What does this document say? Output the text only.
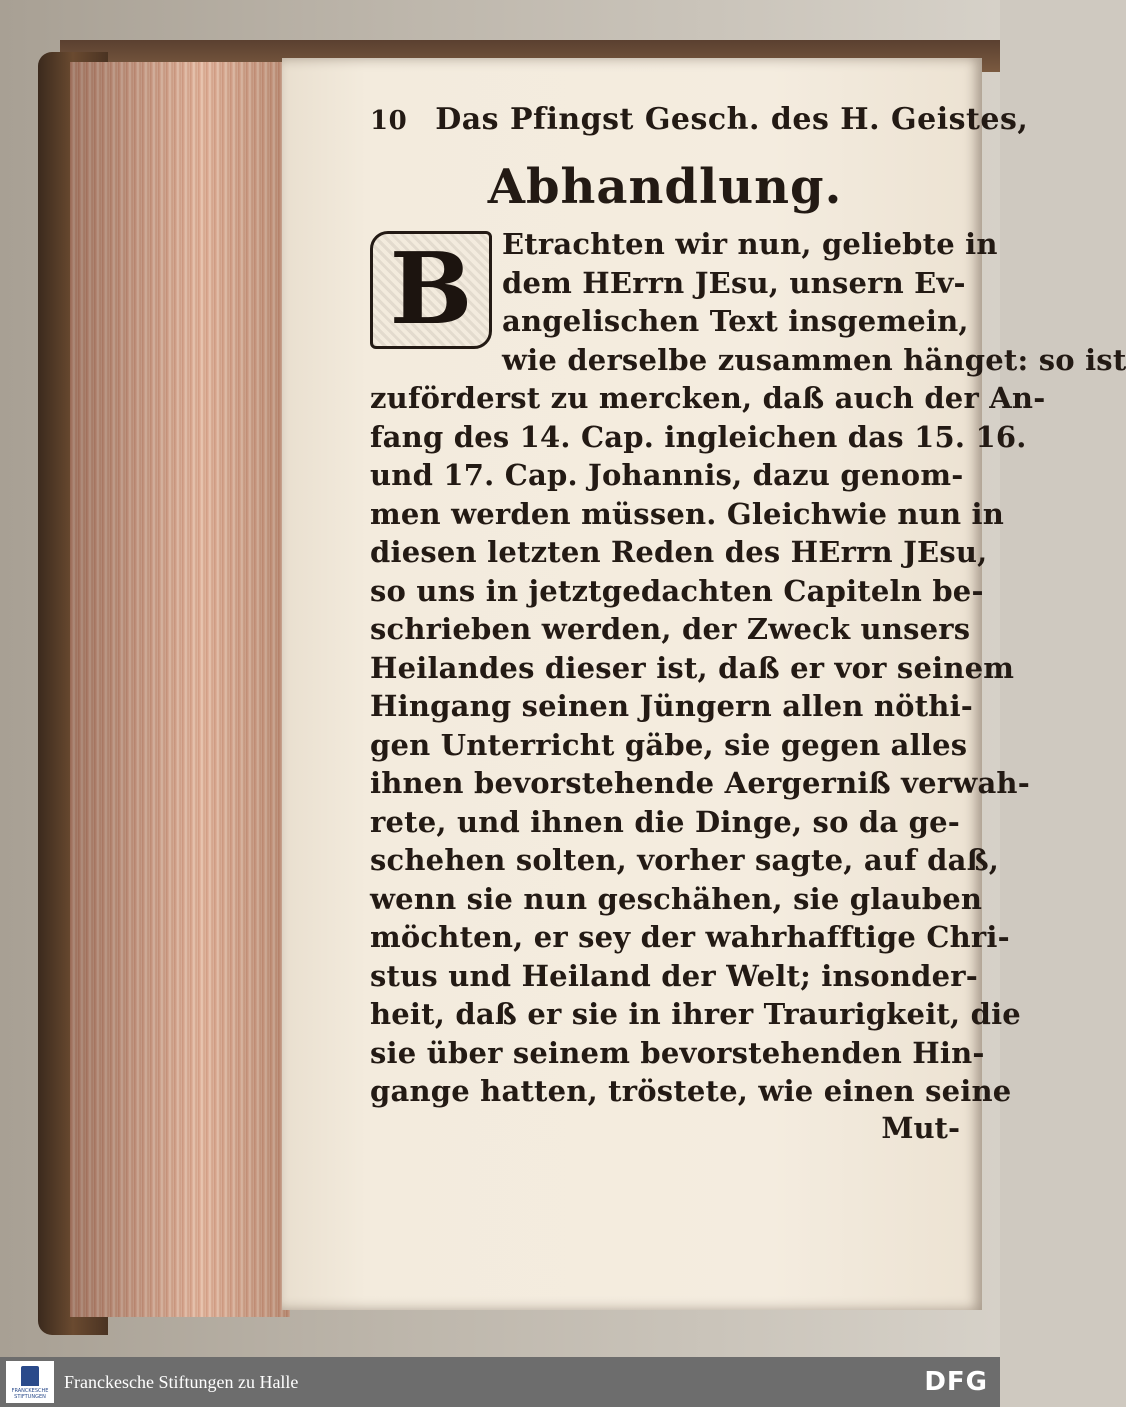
10 Das Pfingst Gesch. des H. Geistes,
Abhandlung.
B	Etrachten wir nun, geliebte in
dem HErrn JEsu, unsern Ev-
angelischen Text insgemein,
wie derselbe zusammen hänget: so ist
zuförderst zu mercken, daß auch der An-
fang des 14. Cap. ingleichen das 15. 16.
und 17. Cap. Johannis, dazu genom-
men werden müssen. Gleichwie nun in
diesen letzten Reden des HErrn JEsu,
so uns in jetztgedachten Capiteln be-
schrieben werden, der Zweck unsers
Heilandes dieser ist, daß er vor seinem
Hingang seinen Jüngern allen nöthi-
gen Unterricht gäbe, sie gegen alles
ihnen bevorstehende Aergerniß verwah-
rete, und ihnen die Dinge, so da ge-
schehen solten, vorher sagte, auf daß,
wenn sie nun geschähen, sie glauben
möchten, er sey der wahrhafftige Chri-
stus und Heiland der Welt; insonder-
heit, daß er sie in ihrer Traurigkeit, die
sie über seinem bevorstehenden Hin-
gange hatten, tröstete, wie einen seine
Mut-
FRANCKESCHE STIFTUNGEN
Franckesche Stiftungen zu Halle	DFG
